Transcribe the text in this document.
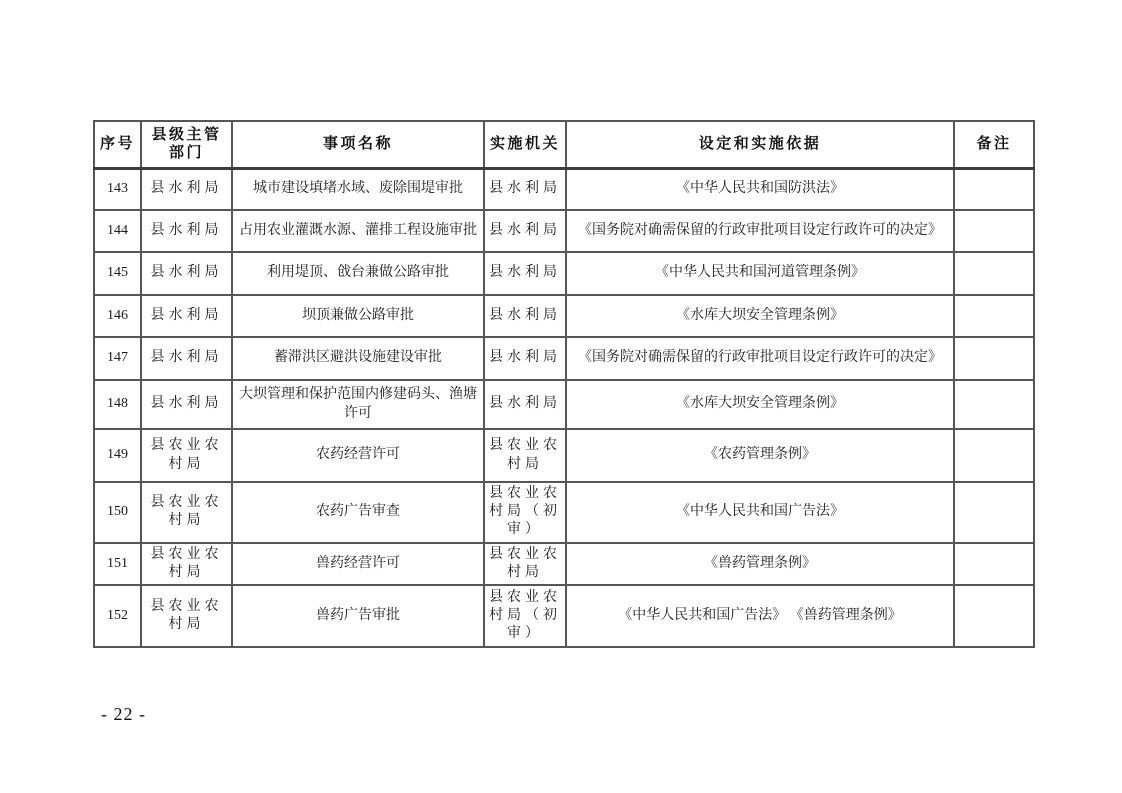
序号	县级主管部门	事项名称	实施机关	设定和实施依据	备注
143	县水利局	城市建设填堵水域、废除围堤审批	县水利局	《中华人民共和国防洪法》	
144	县水利局	占用农业灌溉水源、灌排工程设施审批	县水利局	《国务院对确需保留的行政审批项目设定行政许可的决定》	
145	县水利局	利用堤顶、戗台兼做公路审批	县水利局	《中华人民共和国河道管理条例》	
146	县水利局	坝顶兼做公路审批	县水利局	《水库大坝安全管理条例》	
147	县水利局	蓄滞洪区避洪设施建设审批	县水利局	《国务院对确需保留的行政审批项目设定行政许可的决定》	
148	县水利局	大坝管理和保护范围内修建码头、渔塘许可	县水利局	《水库大坝安全管理条例》	
149	县农业农村局	农药经营许可	县农业农村局	《农药管理条例》	
150	县农业农村局	农药广告审查	县农业农村局（初审）	《中华人民共和国广告法》	
151	县农业农村局	兽药经营许可	县农业农村局	《兽药管理条例》	
152	县农业农村局	兽药广告审批	县农业农村局（初审）	《中华人民共和国广告法》 《兽药管理条例》	
- 22 -
